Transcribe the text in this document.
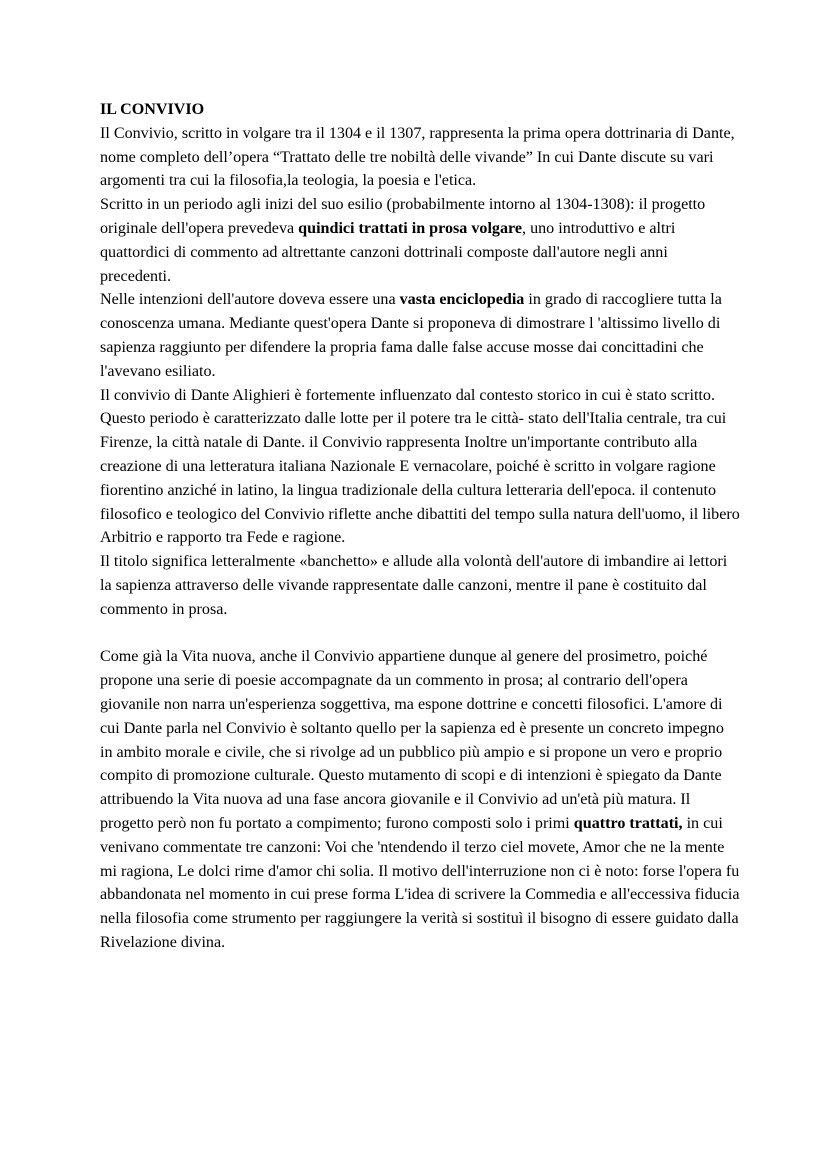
IL CONVIVIO

Il Convivio, scritto in volgare tra il 1304 e il 1307, rappresenta la prima opera dottrinaria di Dante, nome completo dell’opera “Trattato delle tre nobiltà delle vivande” In cui Dante discute su vari argomenti tra cui la filosofia,la teologia, la poesia e l'etica.

Scritto in un periodo agli inizi del suo esilio (probabilmente intorno al 1304-1308): il progetto originale dell'opera prevedeva quindici trattati in prosa volgare, uno introduttivo e altri quattordici di commento ad altrettante canzoni dottrinali composte dall'autore negli anni precedenti.

Nelle intenzioni dell'autore doveva essere una vasta enciclopedia in grado di raccogliere tutta la conoscenza umana. Mediante quest'opera Dante si proponeva di dimostrare l 'altissimo livello di sapienza raggiunto per difendere la propria fama dalle false accuse mosse dai concittadini che l'avevano esiliato.

Il convivio di Dante Alighieri è fortemente influenzato dal contesto storico in cui è stato scritto. Questo periodo è caratterizzato dalle lotte per il potere tra le città- stato dell'Italia centrale, tra cui Firenze, la città natale di Dante. il Convivio rappresenta Inoltre un'importante contributo alla creazione di una letteratura italiana Nazionale E vernacolare, poiché è scritto in volgare ragione fiorentino anziché in latino, la lingua tradizionale della cultura letteraria dell'epoca. il contenuto filosofico e teologico del Convivio riflette anche dibattiti del tempo sulla natura dell'uomo, il libero Arbitrio e rapporto tra Fede e ragione.

Il titolo significa letteralmente «banchetto» e allude alla volontà dell'autore di imbandire ai lettori la sapienza attraverso delle vivande rappresentate dalle canzoni, mentre il pane è costituito dal commento in prosa.

Come già la Vita nuova, anche il Convivio appartiene dunque al genere del prosimetro, poiché propone una serie di poesie accompagnate da un commento in prosa; al contrario dell'opera giovanile non narra un'esperienza soggettiva, ma espone dottrine e concetti filosofici. L'amore di cui Dante parla nel Convivio è soltanto quello per la sapienza ed è presente un concreto impegno in ambito morale e civile, che si rivolge ad un pubblico più ampio e si propone un vero e proprio compito di promozione culturale. Questo mutamento di scopi e di intenzioni è spiegato da Dante attribuendo la Vita nuova ad una fase ancora giovanile e il Convivio ad un'età più matura. Il progetto però non fu portato a compimento; furono composti solo i primi quattro trattati, in cui venivano commentate tre canzoni: Voi che 'ntendendo il terzo ciel movete, Amor che ne la mente mi ragiona, Le dolci rime d'amor chi solia. Il motivo dell'interruzione non ci è noto: forse l'opera fu abbandonata nel momento in cui prese forma L'idea di scrivere la Commedia e all'eccessiva fiducia nella filosofia come strumento per raggiungere la verità si sostituì il bisogno di essere guidato dalla Rivelazione divina.
